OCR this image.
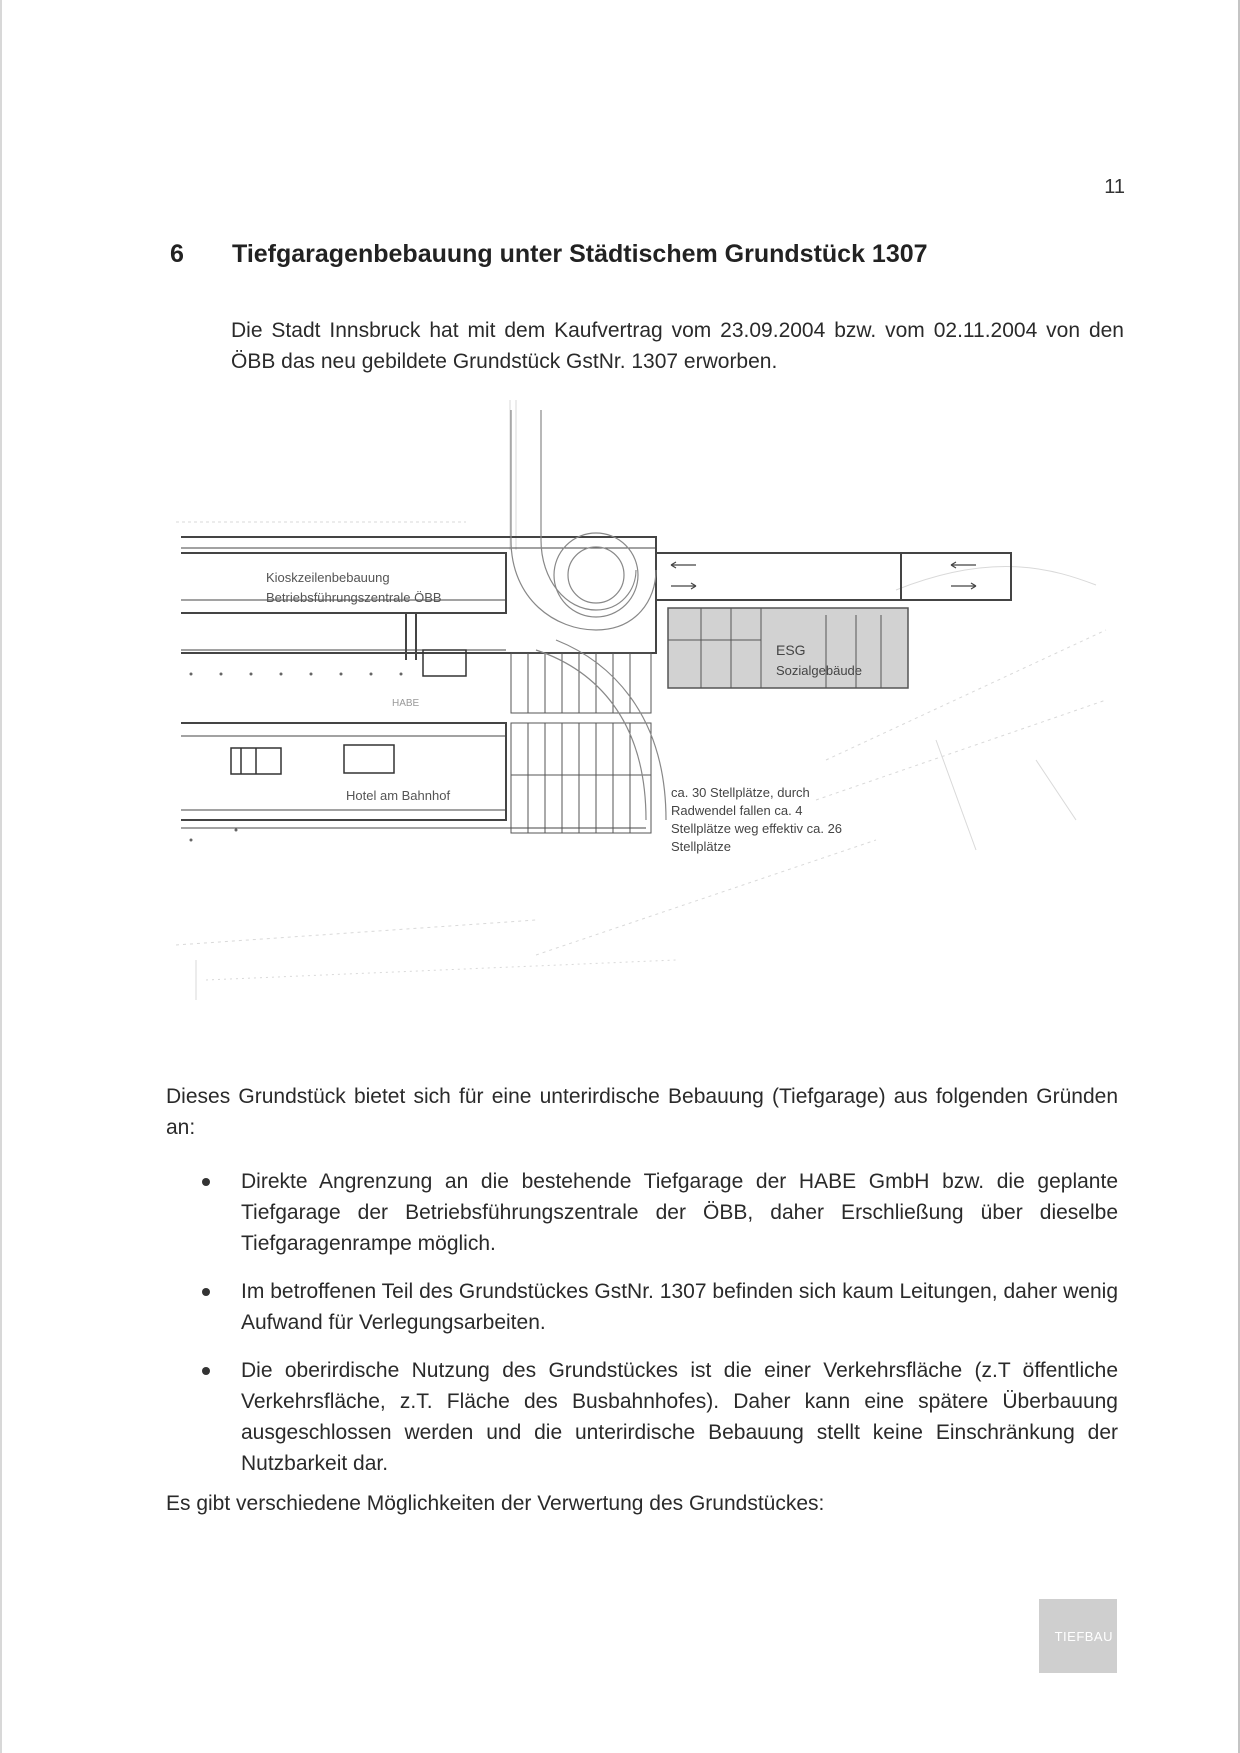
11
6 Tiefgaragenbebauung unter Städtischem Grundstück 1307

Die Stadt Innsbruck hat mit dem Kaufvertrag vom 23.09.2004 bzw. vom 02.11.2004 von den ÖBB das neu gebildete Grundstück GstNr. 1307 erworben.

Kioskzeilenbebauung
Betriebsführungszentrale ÖBB
HABE
Hotel am Bahnhof
ESG
Sozialgebäude
ca. 30 Stellplätze, durch
Radwendel fallen ca. 4
Stellplätze weg effektiv ca. 26
Stellplätze

Dieses Grundstück bietet sich für eine unterirdische Bebauung (Tiefgarage) aus folgenden Gründen an:

Direkte Angrenzung an die bestehende Tiefgarage der HABE GmbH bzw. die geplante Tiefgarage der Betriebsführungszentrale der ÖBB, daher Erschließung über dieselbe Tiefgaragenrampe möglich.
Im betroffenen Teil des Grundstückes GstNr. 1307 befinden sich kaum Leitungen, daher wenig Aufwand für Verlegungsarbeiten.
Die oberirdische Nutzung des Grundstückes ist die einer Verkehrsfläche (z.T öffentliche Verkehrsfläche, z.T. Fläche des Busbahnhofes). Daher kann eine spätere Überbauung ausgeschlossen werden und die unterirdische Bebauung stellt keine Einschränkung der Nutzbarkeit dar.

Es gibt verschiedene Möglichkeiten der Verwertung des Grundstückes:

TIEFBAU
